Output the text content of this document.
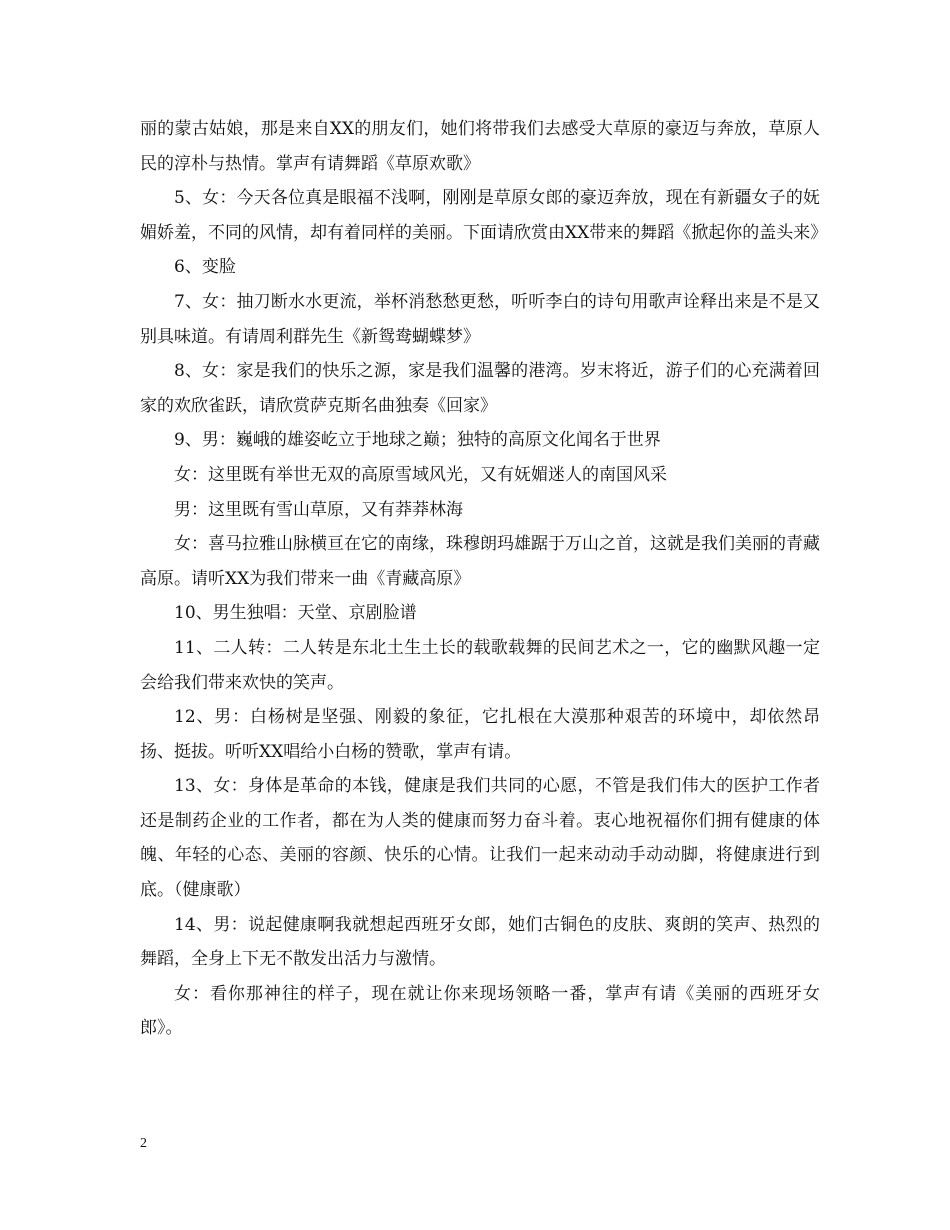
丽的蒙古姑娘，那是来自XX的朋友们，她们将带我们去感受大草原的豪迈与奔放，草原人民的淳朴与热情。掌声有请舞蹈《草原欢歌》

5、女：今天各位真是眼福不浅啊，刚刚是草原女郎的豪迈奔放，现在有新疆女子的妩媚娇羞，不同的风情，却有着同样的美丽。下面请欣赏由XX带来的舞蹈《掀起你的盖头来》

6、变脸

7、女：抽刀断水水更流，举杯消愁愁更愁，听听李白的诗句用歌声诠释出来是不是又别具味道。有请周利群先生《新鸳鸯蝴蝶梦》

8、女：家是我们的快乐之源，家是我们温馨的港湾。岁末将近，游子们的心充满着回家的欢欣雀跃，请欣赏萨克斯名曲独奏《回家》

9、男：巍峨的雄姿屹立于地球之巅；独特的高原文化闻名于世界

女：这里既有举世无双的高原雪域风光，又有妩媚迷人的南国风采

男：这里既有雪山草原，又有莽莽林海

女：喜马拉雅山脉横亘在它的南缘，珠穆朗玛雄踞于万山之首，这就是我们美丽的青藏高原。请听XX为我们带来一曲《青藏高原》

10、男生独唱：天堂、京剧脸谱

11、二人转：二人转是东北土生土长的载歌载舞的民间艺术之一，它的幽默风趣一定会给我们带来欢快的笑声。

12、男：白杨树是坚强、刚毅的象征，它扎根在大漠那种艰苦的环境中，却依然昂扬、挺拔。听听XX唱给小白杨的赞歌，掌声有请。

13、女：身体是革命的本钱，健康是我们共同的心愿，不管是我们伟大的医护工作者还是制药企业的工作者，都在为人类的健康而努力奋斗着。衷心地祝福你们拥有健康的体魄、年轻的心态、美丽的容颜、快乐的心情。让我们一起来动动手动动脚，将健康进行到底。（健康歌）

14、男：说起健康啊我就想起西班牙女郎，她们古铜色的皮肤、爽朗的笑声、热烈的舞蹈，全身上下无不散发出活力与激情。

女：看你那神往的样子，现在就让你来现场领略一番，掌声有请《美丽的西班牙女郎》。

2
